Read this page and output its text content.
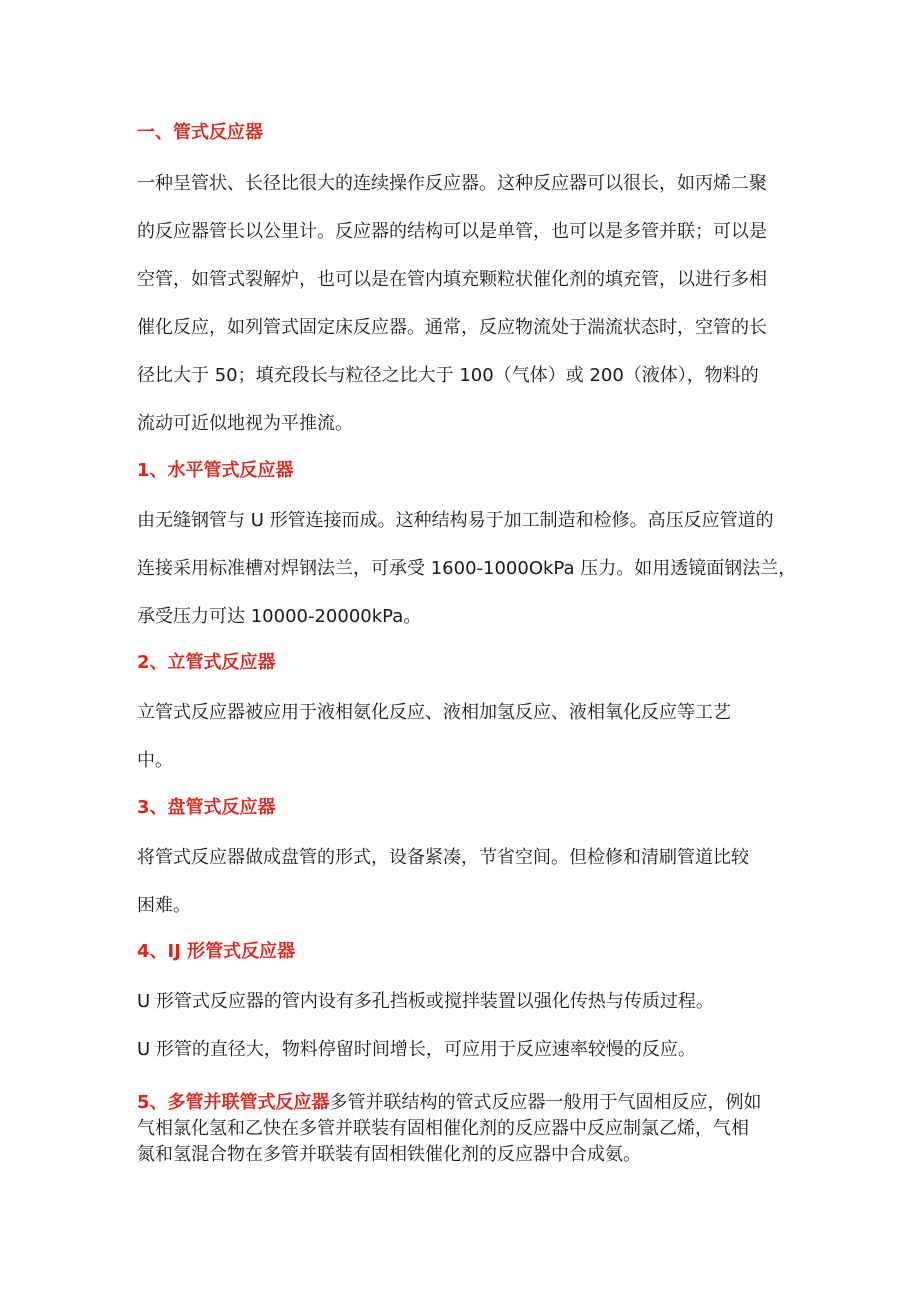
一、管式反应器
一种呈管状、长径比很大的连续操作反应器。这种反应器可以很长，如丙烯二聚
的反应器管长以公里计。反应器的结构可以是单管，也可以是多管并联；可以是
空管，如管式裂解炉，也可以是在管内填充颗粒状催化剂的填充管，以进行多相
催化反应，如列管式固定床反应器。通常，反应物流处于湍流状态时，空管的长
径比大于 50；填充段长与粒径之比大于 100（气体）或 200（液体），物料的
流动可近似地视为平推流。
1、水平管式反应器
由无缝钢管与 U 形管连接而成。这种结构易于加工制造和检修。高压反应管道的
连接采用标准槽对焊钢法兰，可承受 1600-1000OkPa 压力。如用透镜面钢法兰，
承受压力可达 10000-20000kPa。
2、立管式反应器
立管式反应器被应用于液相氨化反应、液相加氢反应、液相氧化反应等工艺
中。
3、盘管式反应器
将管式反应器做成盘管的形式，设备紧凑，节省空间。但检修和清刷管道比较
困难。
4、IJ 形管式反应器
U 形管式反应器的管内设有多孔挡板或搅拌装置以强化传热与传质过程。
U 形管的直径大，物料停留时间增长，可应用于反应速率较慢的反应。
5、多管并联管式反应器多管并联结构的管式反应器一般用于气固相反应，例如
气相氯化氢和乙快在多管并联装有固相催化剂的反应器中反应制氯乙烯，气相
氮和氢混合物在多管并联装有固相铁催化剂的反应器中合成氨。
